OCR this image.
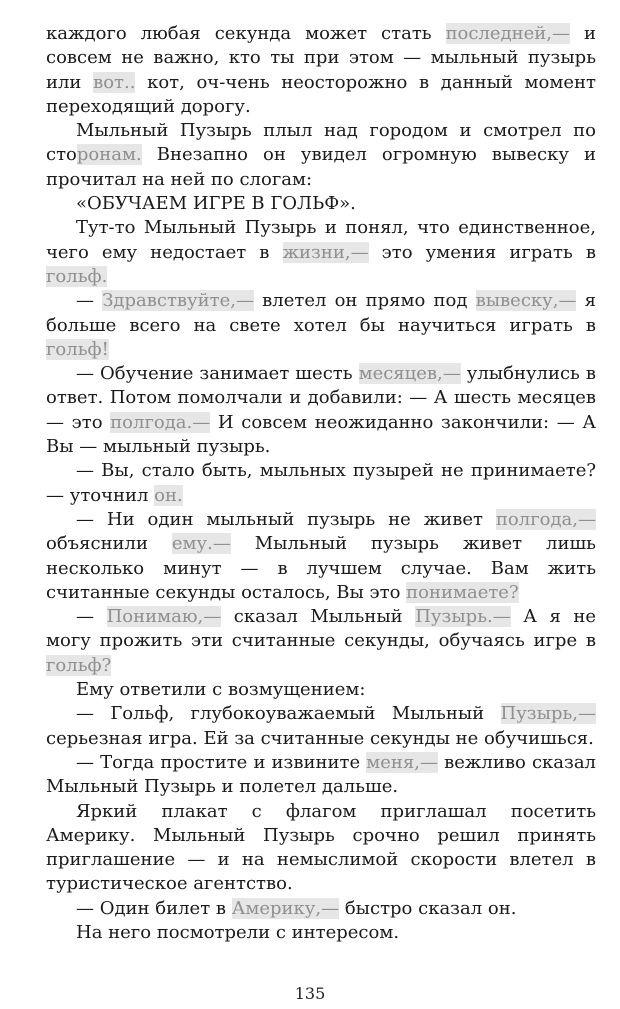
каждого любая секунда может стать последней,— и совсем не важно, кто ты при этом — мыльный пузырь или вот.. кот, оч-чень неосторожно в данный момент переходящий дорогу.

Мыльный Пузырь плыл над городом и смотрел по сторонам. Внезапно он увидел огромную вывеску и прочитал на ней по слогам:

«ОБУЧАЕМ ИГРЕ В ГОЛЬФ».

Тут-то Мыльный Пузырь и понял, что единственное, чего ему недостает в жизни,— это умения играть в гольф.

— Здравствуйте,— влетел он прямо под вывеску,— я больше всего на свете хотел бы научиться играть в гольф!

— Обучение занимает шесть месяцев,— улыбнулись в ответ. Потом помолчали и добавили: — А шесть месяцев — это полгода.— И совсем неожиданно закончили: — А Вы — мыльный пузырь.

— Вы, стало быть, мыльных пузырей не принимаете? — уточнил он.

— Ни один мыльный пузырь не живет полгода,— объяснили ему.— Мыльный пузырь живет лишь несколько минут — в лучшем случае. Вам жить считанные секунды осталось, Вы это понимаете?

— Понимаю,— сказал Мыльный Пузырь.— А я не могу прожить эти считанные секунды, обучаясь игре в гольф?

Ему ответили с возмущением:

— Гольф, глубокоуважаемый Мыльный Пузырь,— серьезная игра. Ей за считанные секунды не обучишься.

— Тогда простите и извините меня,— вежливо сказал Мыльный Пузырь и полетел дальше.

Яркий плакат с флагом приглашал посетить Америку. Мыльный Пузырь срочно решил принять приглашение — и на немыслимой скорости влетел в туристическое агентство.

— Один билет в Америку,— быстро сказал он.

На него посмотрели с интересом.

135
